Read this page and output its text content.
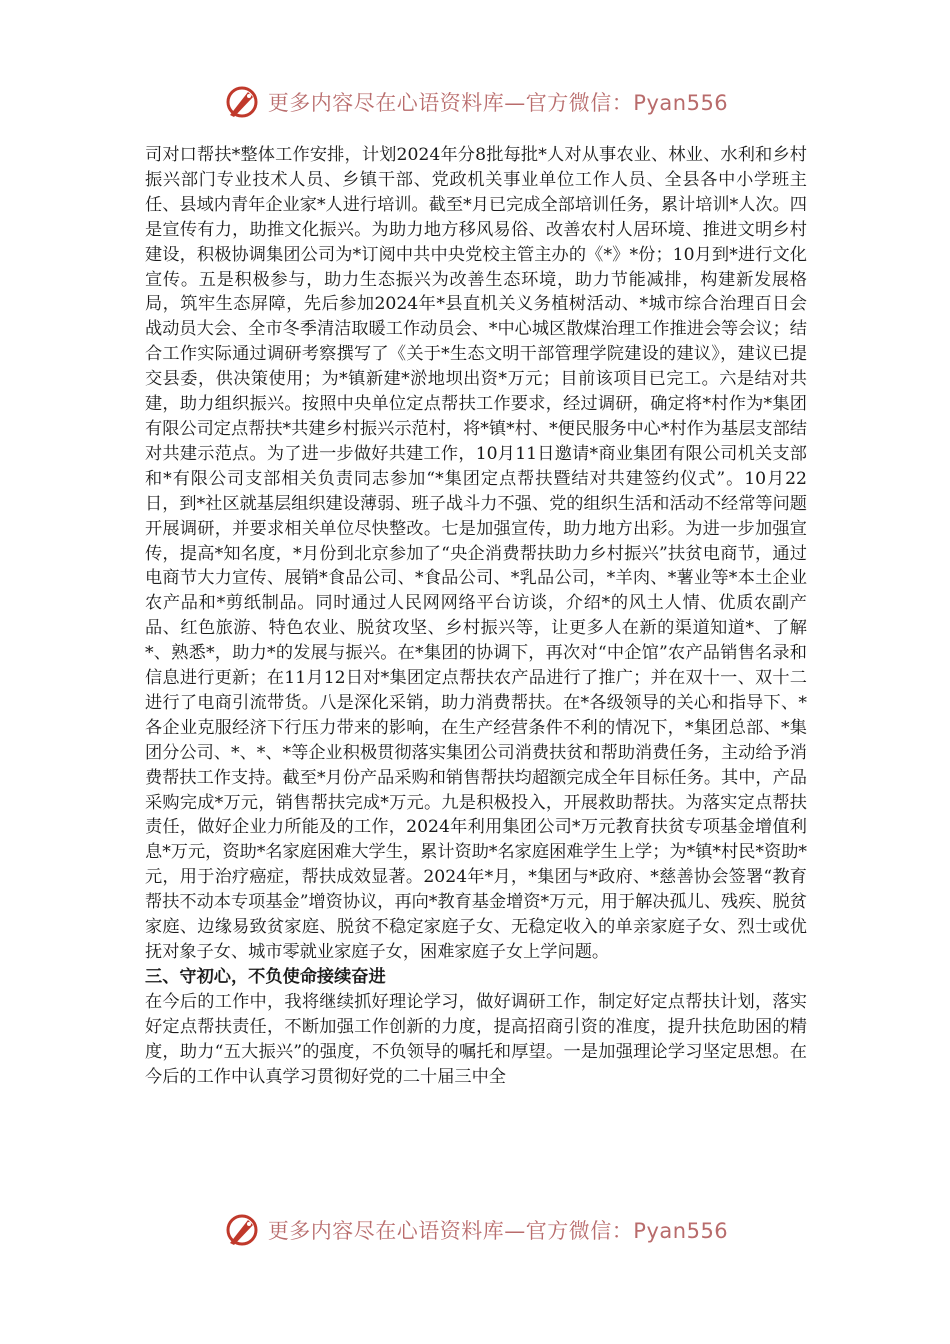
更多内容尽在心语资料库—官方微信：Pyan556

司对口帮扶*整体工作安排，计划2024年分8批每批*人对从事农业、林业、水利和乡村振兴部门专业技术人员、乡镇干部、党政机关事业单位工作人员、全县各中小学班主任、县域内青年企业家*人进行培训。截至*月已完成全部培训任务，累计培训*人次。四是宣传有力，助推文化振兴。为助力地方移风易俗、改善农村人居环境、推进文明乡村建设，积极协调集团公司为*订阅中共中央党校主管主办的《*》*份；10月到*进行文化宣传。五是积极参与，助力生态振兴为改善生态环境，助力节能减排，构建新发展格局，筑牢生态屏障，先后参加2024年*县直机关义务植树活动、*城市综合治理百日会战动员大会、全市冬季清洁取暖工作动员会、*中心城区散煤治理工作推进会等会议；结合工作实际通过调研考察撰写了《关于*生态文明干部管理学院建设的建议》，建议已提交县委，供决策使用；为*镇新建*淤地坝出资*万元；目前该项目已完工。六是结对共建，助力组织振兴。按照中央单位定点帮扶工作要求，经过调研，确定将*村作为*集团有限公司定点帮扶*共建乡村振兴示范村，将*镇*村、*便民服务中心*村作为基层支部结对共建示范点。为了进一步做好共建工作，10月11日邀请*商业集团有限公司机关支部和*有限公司支部相关负责同志参加“*集团定点帮扶暨结对共建签约仪式”。10月22日，到*社区就基层组织建设薄弱、班子战斗力不强、党的组织生活和活动不经常等问题开展调研，并要求相关单位尽快整改。七是加强宣传，助力地方出彩。为进一步加强宣传，提高*知名度，*月份到北京参加了“央企消费帮扶助力乡村振兴”扶贫电商节，通过电商节大力宣传、展销*食品公司、*食品公司、*乳品公司，*羊肉、*薯业等*本土企业农产品和*剪纸制品。同时通过人民网网络平台访谈，介绍*的风土人情、优质农副产品、红色旅游、特色农业、脱贫攻坚、乡村振兴等，让更多人在新的渠道知道*、了解*、熟悉*，助力*的发展与振兴。在*集团的协调下，再次对“中企馆”农产品销售名录和信息进行更新；在11月12日对*集团定点帮扶农产品进行了推广；并在双十一、双十二进行了电商引流带货。八是深化采销，助力消费帮扶。在*各级领导的关心和指导下、*各企业克服经济下行压力带来的影响，在生产经营条件不利的情况下，*集团总部、*集团分公司、*、*、*等企业积极贯彻落实集团公司消费扶贫和帮助消费任务，主动给予消费帮扶工作支持。截至*月份产品采购和销售帮扶均超额完成全年目标任务。其中，产品采购完成*万元，销售帮扶完成*万元。九是积极投入，开展救助帮扶。为落实定点帮扶责任，做好企业力所能及的工作，2024年利用集团公司*万元教育扶贫专项基金增值利息*万元，资助*名家庭困难大学生，累计资助*名家庭困难学生上学；为*镇*村民*资助*元，用于治疗癌症，帮扶成效显著。2024年*月，*集团与*政府、*慈善协会签署“教育帮扶不动本专项基金”增资协议，再向*教育基金增资*万元，用于解决孤儿、残疾、脱贫家庭、边缘易致贫家庭、脱贫不稳定家庭子女、无稳定收入的单亲家庭子女、烈士或优抚对象子女、城市零就业家庭子女，困难家庭子女上学问题。

三、守初心，不负使命接续奋进

在今后的工作中，我将继续抓好理论学习，做好调研工作，制定好定点帮扶计划，落实好定点帮扶责任，不断加强工作创新的力度，提高招商引资的准度，提升扶危助困的精度，助力“五大振兴”的强度，不负领导的嘱托和厚望。一是加强理论学习坚定思想。在今后的工作中认真学习贯彻好党的二十届三中全

更多内容尽在心语资料库—官方微信：Pyan556
